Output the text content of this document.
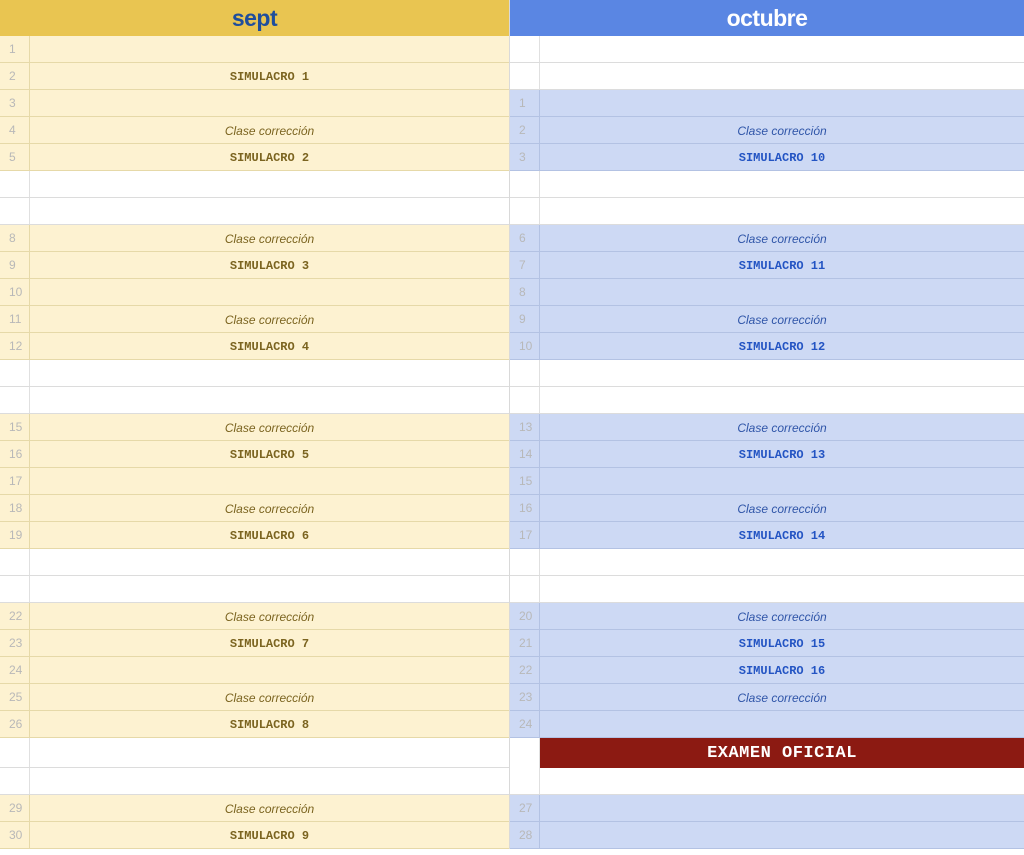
sept
1
2	SIMULACRO 1
3
4	Clase corrección
5	SIMULACRO 2
8	Clase corrección
9	SIMULACRO 3
10
11	Clase corrección
12	SIMULACRO 4
15	Clase corrección
16	SIMULACRO 5
17
18	Clase corrección
19	SIMULACRO 6
22	Clase corrección
23	SIMULACRO 7
24
25	Clase corrección
26	SIMULACRO 8
29	Clase corrección
30	SIMULACRO 9
octubre
1
2	Clase corrección
3	SIMULACRO 10
6	Clase corrección
7	SIMULACRO 11
8
9	Clase corrección
10	SIMULACRO 12
13	Clase corrección
14	SIMULACRO 13
15
16	Clase corrección
17	SIMULACRO 14
20	Clase corrección
21	SIMULACRO 15
22	SIMULACRO 16
23	Clase corrección
24
EXAMEN OFICIAL
27
28
